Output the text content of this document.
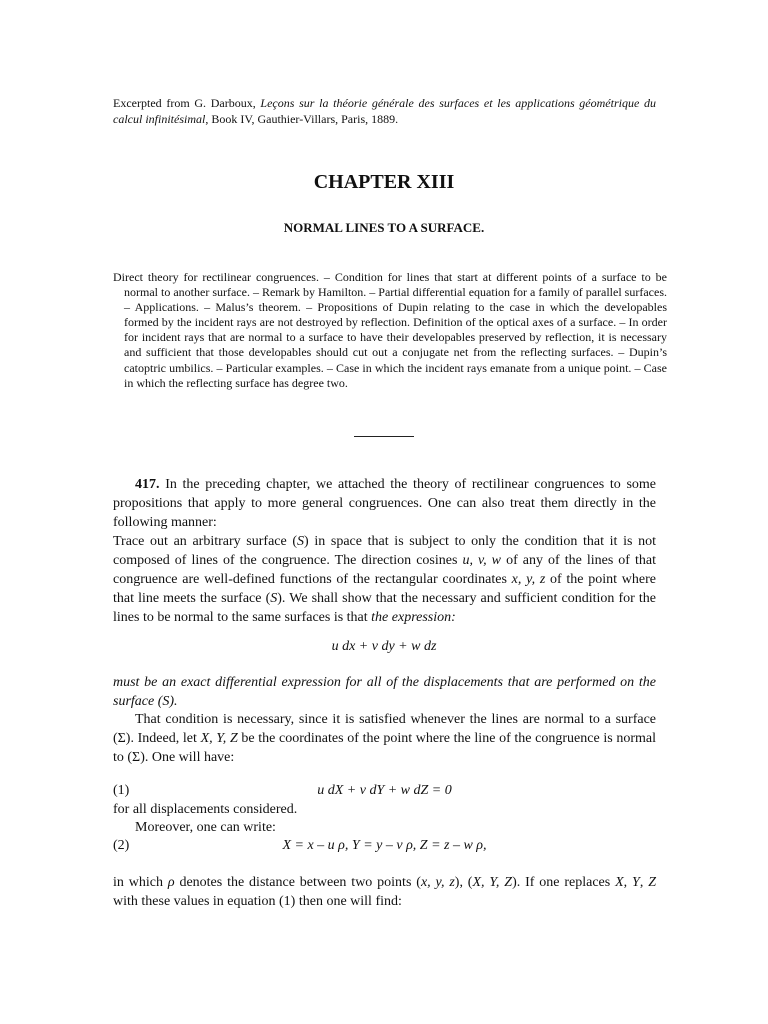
Excerpted from G. Darboux, Leçons sur la théorie générale des surfaces et les applications géométrique du calcul infinitésimal, Book IV, Gauthier-Villars, Paris, 1889.
CHAPTER XIII
NORMAL LINES TO A SURFACE.
Direct theory for rectilinear congruences. – Condition for lines that start at different points of a surface to be normal to another surface. – Remark by Hamilton. – Partial differential equation for a family of parallel surfaces. – Applications. – Malus’s theorem. – Propositions of Dupin relating to the case in which the developables formed by the incident rays are not destroyed by reflection. Definition of the optical axes of a surface. – In order for incident rays that are normal to a surface to have their developables preserved by reflection, it is necessary and sufficient that those developables should cut out a conjugate net from the reflecting surfaces. – Dupin’s catoptric umbilics. – Particular examples. – Case in which the incident rays emanate from a unique point. – Case in which the reflecting surface has degree two.
417. In the preceding chapter, we attached the theory of rectilinear congruences to some propositions that apply to more general congruences. One can also treat them directly in the following manner:
Trace out an arbitrary surface (S) in space that is subject to only the condition that it is not composed of lines of the congruence. The direction cosines u, v, w of any of the lines of that congruence are well-defined functions of the rectangular coordinates x, y, z of the point where that line meets the surface (S). We shall show that the necessary and sufficient condition for the lines to be normal to the same surfaces is that the expression:
u dx + v dy + w dz
must be an exact differential expression for all of the displacements that are performed on the surface (S).
That condition is necessary, since it is satisfied whenever the lines are normal to a surface (Σ). Indeed, let X, Y, Z be the coordinates of the point where the line of the congruence is normal to (Σ). One will have:
(1)	u dX + v dY + w dZ = 0
for all displacements considered.
Moreover, one can write:
(2)	X = x – u ρ, Y = y – v ρ, Z = z – w ρ,
in which ρ denotes the distance between two points (x, y, z), (X, Y, Z). If one replaces X, Y, Z with these values in equation (1) then one will find:
